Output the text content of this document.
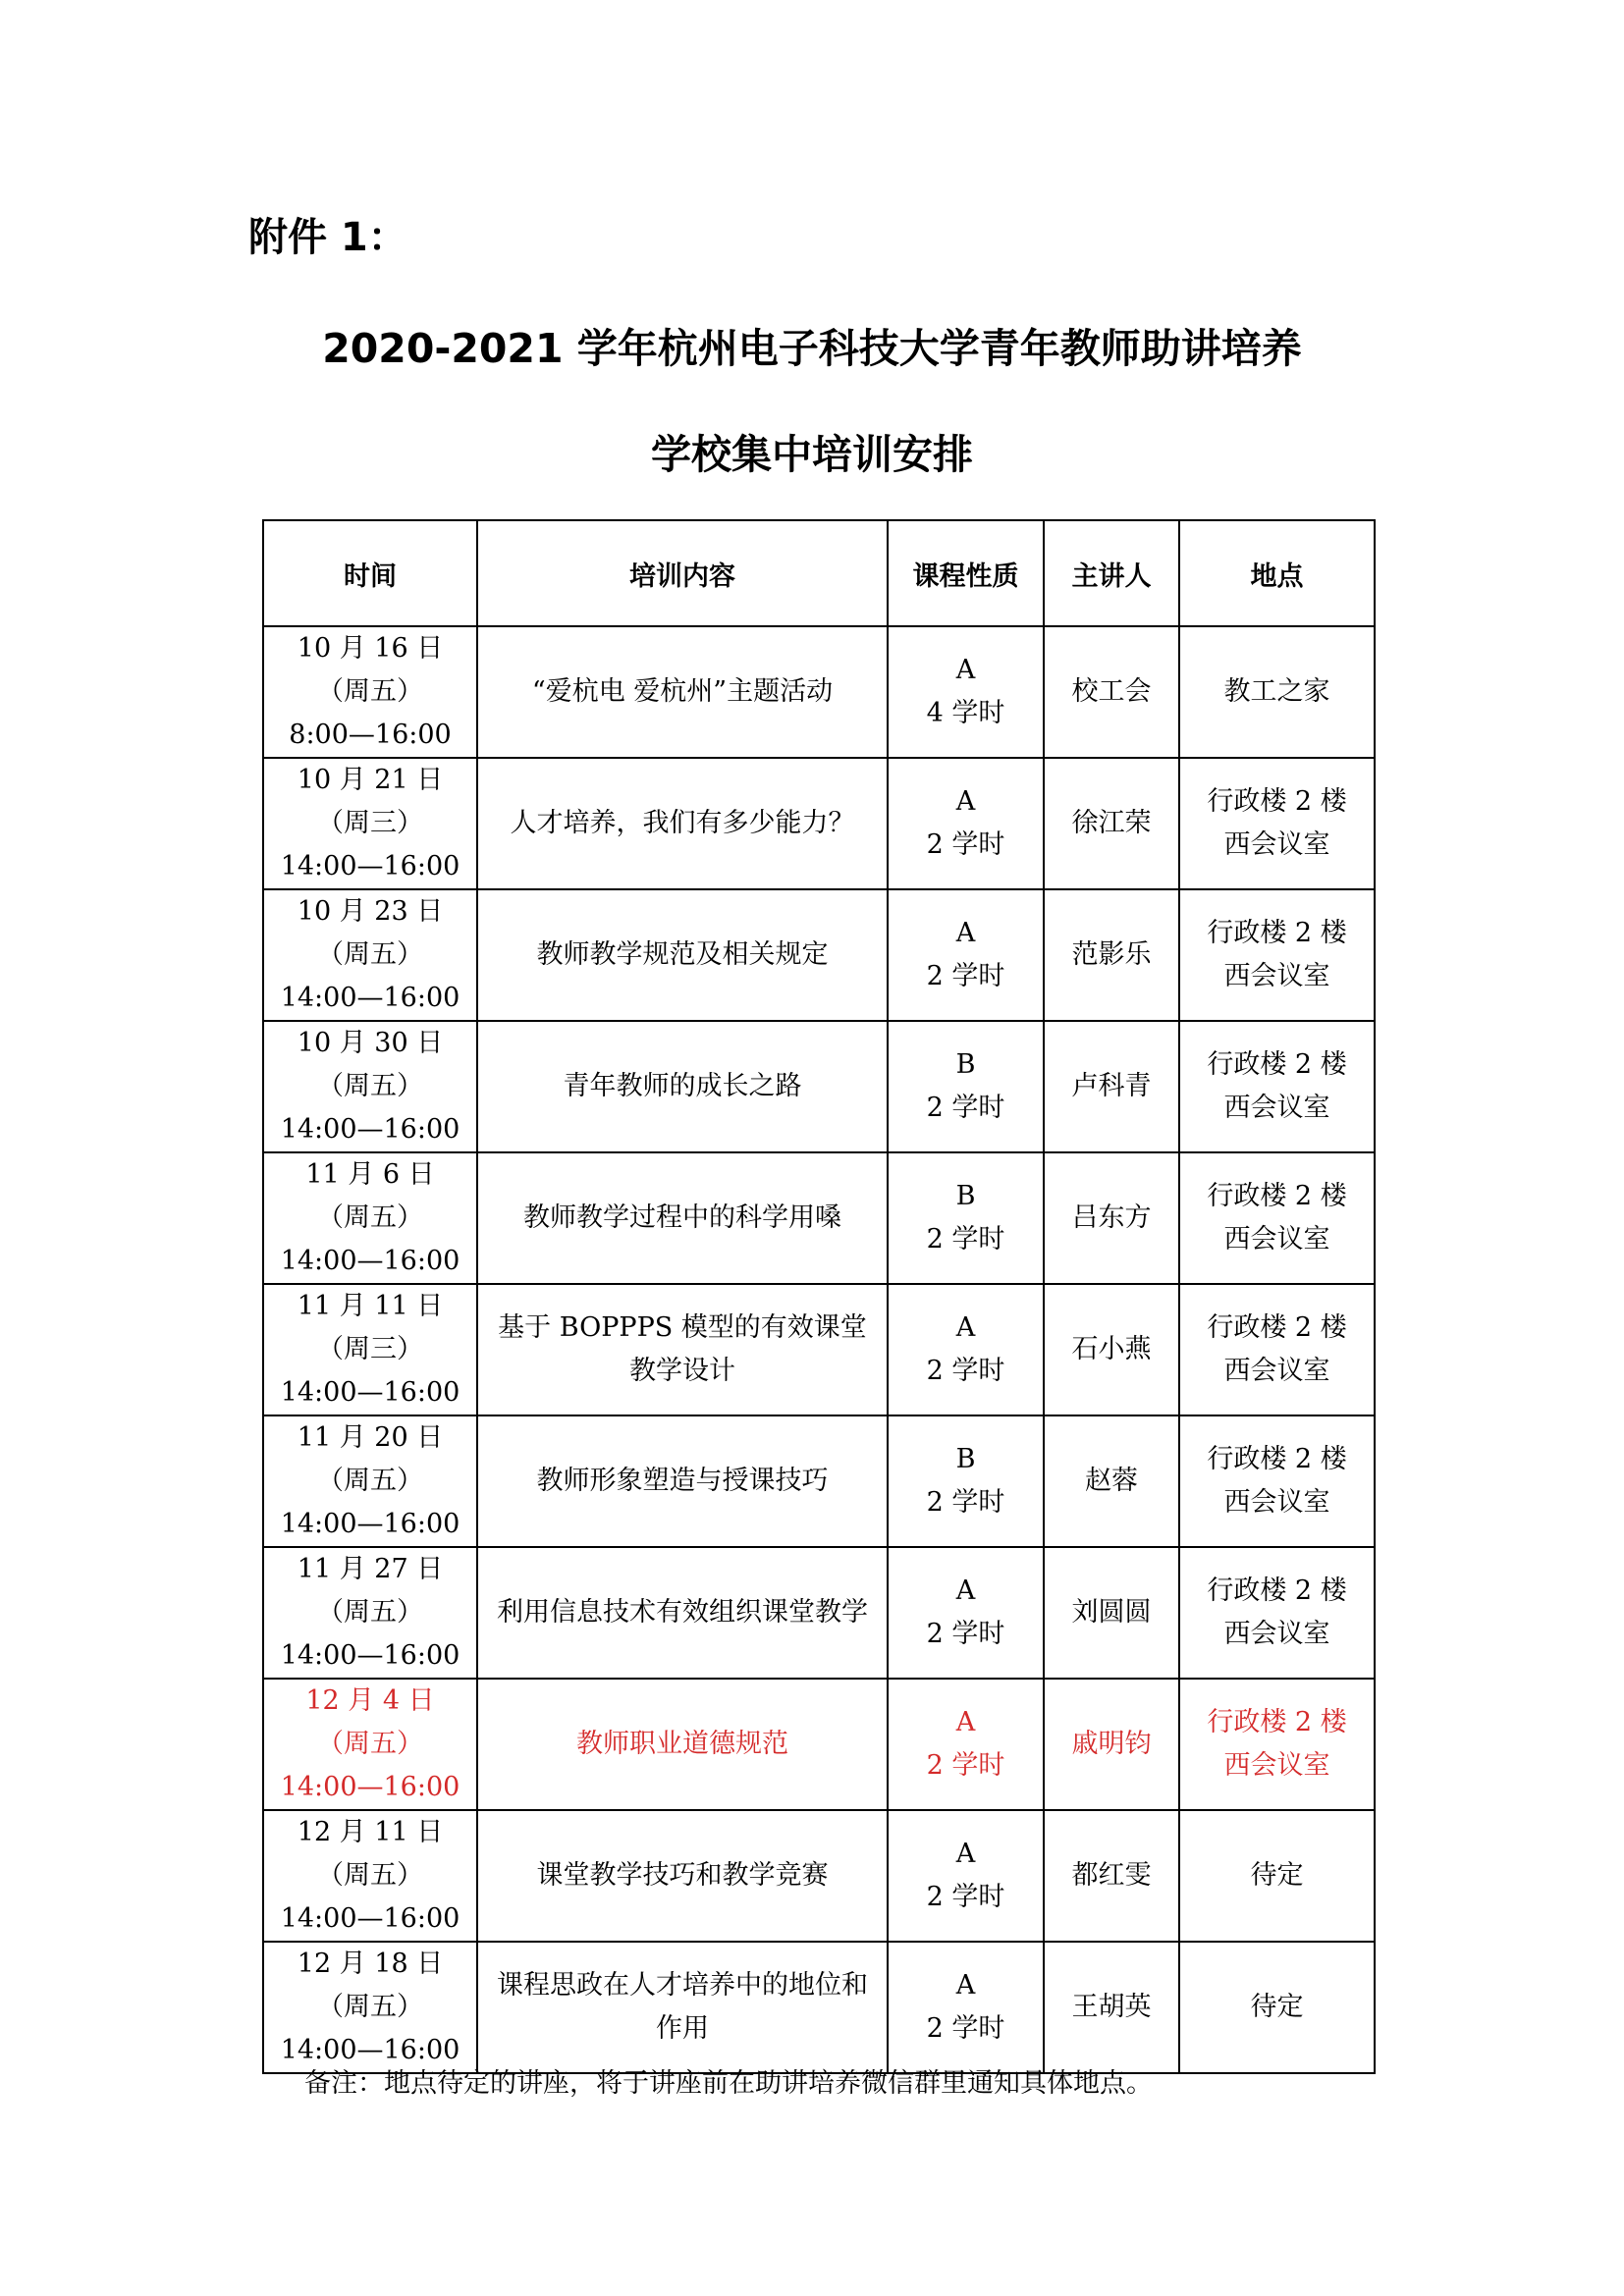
附件 1：
2020-2021 学年杭州电子科技大学青年教师助讲培养
学校集中培训安排
时间	培训内容	课程性质	主讲人	地点

10 月 16 日
（周五）
8:00—16:00	“爱杭电 爱杭州”主题活动	A
4 学时	校工会	教工之家

10 月 21 日
（周三）
14:00—16:00	人才培养，我们有多少能力？	A
2 学时	徐江荣	行政楼 2 楼
西会议室

10 月 23 日
（周五）
14:00—16:00	教师教学规范及相关规定	A
2 学时	范影乐	行政楼 2 楼
西会议室

10 月 30 日
（周五）
14:00—16:00	青年教师的成长之路	B
2 学时	卢科青	行政楼 2 楼
西会议室

11 月 6 日
（周五）
14:00—16:00	教师教学过程中的科学用嗓	B
2 学时	吕东方	行政楼 2 楼
西会议室

11 月 11 日
（周三）
14:00—16:00	基于 BOPPPS 模型的有效课堂教学设计	A
2 学时	石小燕	行政楼 2 楼
西会议室

11 月 20 日
（周五）
14:00—16:00	教师形象塑造与授课技巧	B
2 学时	赵蓉	行政楼 2 楼
西会议室

11 月 27 日
（周五）
14:00—16:00	利用信息技术有效组织课堂教学	A
2 学时	刘圆圆	行政楼 2 楼
西会议室

12 月 4 日
（周五）
14:00—16:00	教师职业道德规范	A
2 学时	戚明钧	行政楼 2 楼
西会议室

12 月 11 日
（周五）
14:00—16:00	课堂教学技巧和教学竞赛	A
2 学时	都红雯	待定

12 月 18 日
（周五）
14:00—16:00	课程思政在人才培养中的地位和作用	A
2 学时	王胡英	待定
备注：地点待定的讲座，将于讲座前在助讲培养微信群里通知具体地点。
